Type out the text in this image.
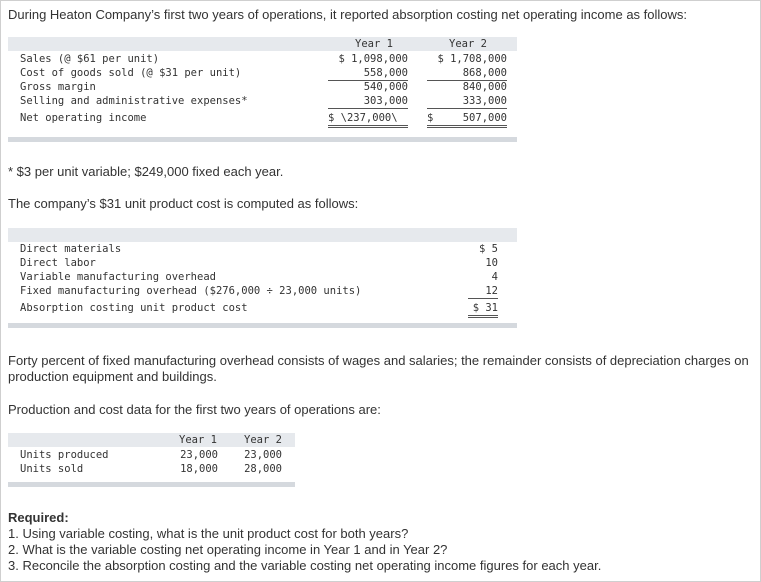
During Heaton Company’s first two years of operations, it reported absorption costing net operating income as follows:

Year 1	Year 2
Sales (@ $61 per unit)	$ 1,098,000	$ 1,708,000
Cost of goods sold (@ $31 per unit)	558,000	868,000
Gross margin	540,000	840,000
Selling and administrative expenses*	303,000	333,000
Net operating income	$ \237,000\	$	507,000

* $3 per unit variable; $249,000 fixed each year.

The company’s $31 unit product cost is computed as follows:

Direct materials	$ 5
Direct labor	10
Variable manufacturing overhead	4
Fixed manufacturing overhead ($276,000 ÷ 23,000 units)	12
Absorption costing unit product cost	$ 31

Forty percent of fixed manufacturing overhead consists of wages and salaries; the remainder consists of depreciation charges on production equipment and buildings.

Production and cost data for the first two years of operations are:

Year 1	Year 2
Units produced	23,000	23,000
Units sold	18,000	28,000
Required:
1. Using variable costing, what is the unit product cost for both years?
2. What is the variable costing net operating income in Year 1 and in Year 2?
3. Reconcile the absorption costing and the variable costing net operating income figures for each year.
